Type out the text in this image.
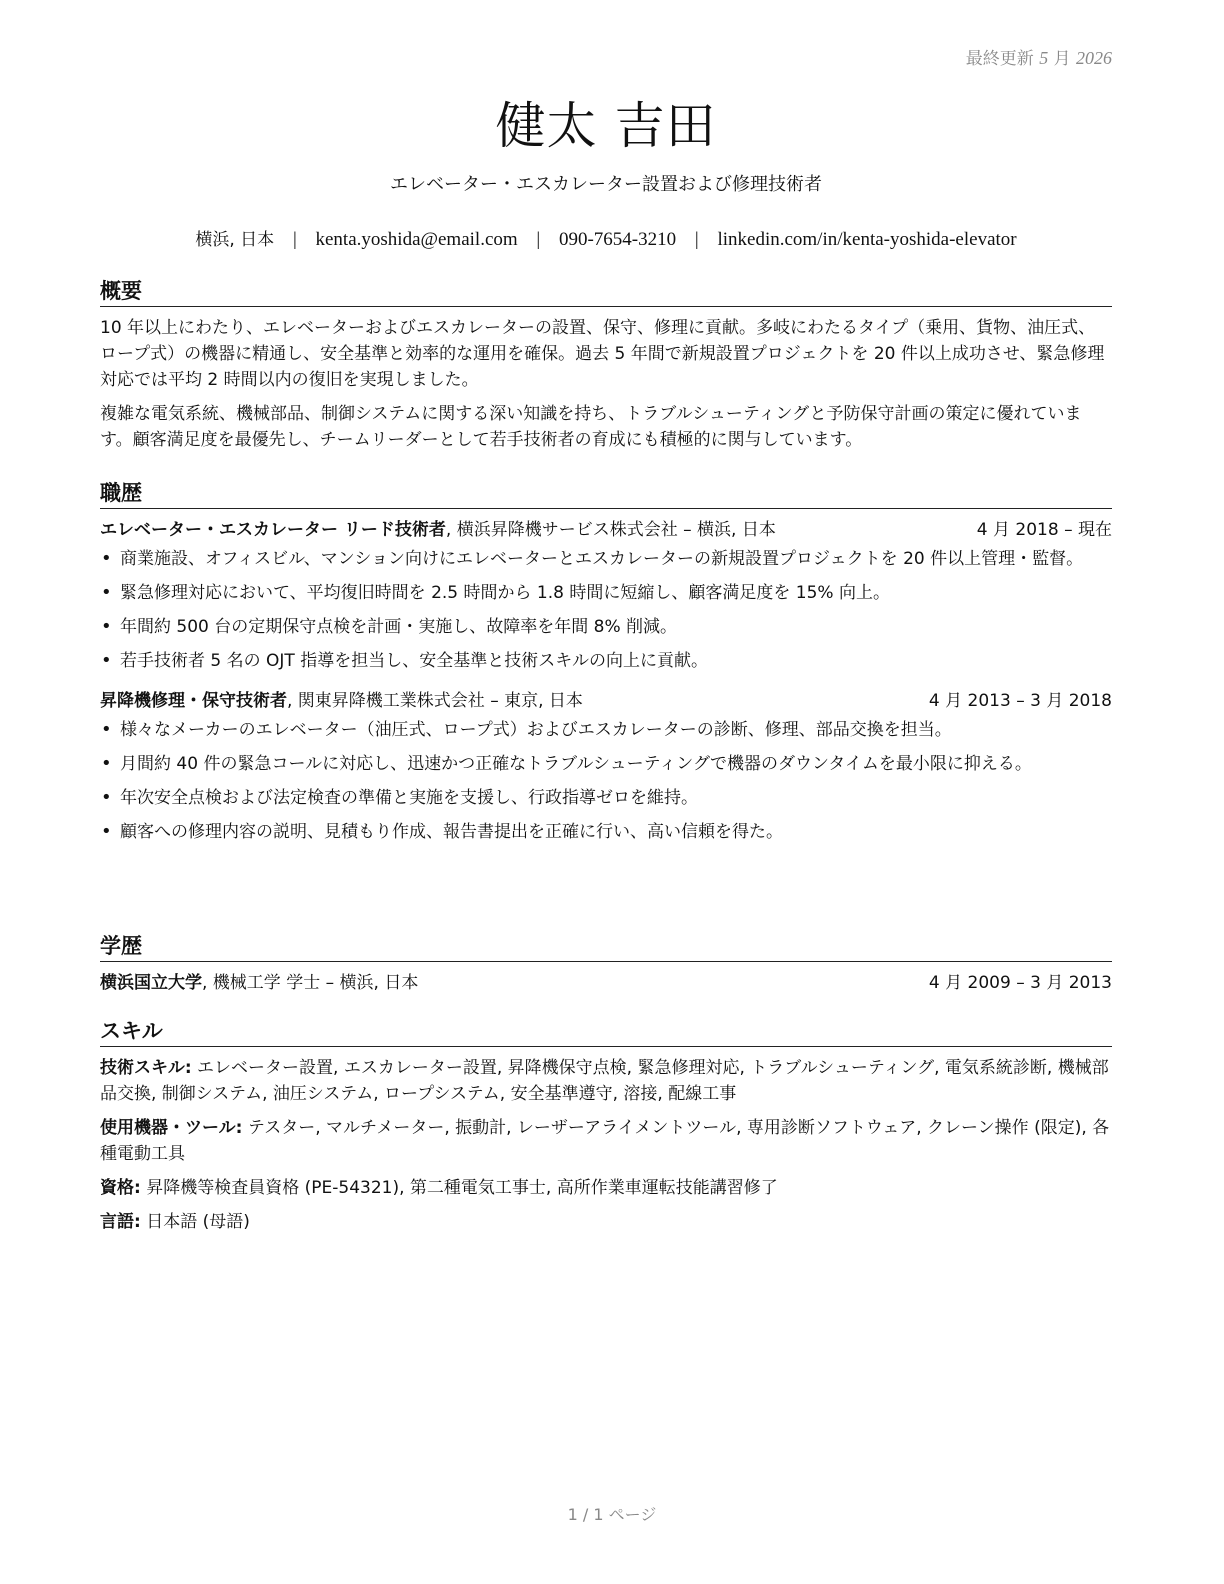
最終更新 5 月 2026
健太 吉田
エレベーター・エスカレーター設置および修理技術者
横浜, 日本 | kenta.yoshida@email.com | 090-7654-3210 | linkedin.com/in/kenta-yoshida-elevator
概要

10 年以上にわたり、エレベーターおよびエスカレーターの設置、保守、修理に貢献。多岐にわたるタイプ（乗用、貨物、油圧式、ロープ式）の機器に精通し、安全基準と効率的な運用を確保。過去 5 年間で新規設置プロジェクトを 20 件以上成功させ、緊急修理対応では平均 2 時間以内の復旧を実現しました。

複雑な電気系統、機械部品、制御システムに関する深い知識を持ち、トラブルシューティングと予防保守計画の策定に優れています。顧客満足度を最優先し、チームリーダーとして若手技術者の育成にも積極的に関与しています。

職歴
エレベーター・エスカレーター リード技術者, 横浜昇降機サービス株式会社 – 横浜, 日本	4 月 2018 – 現在
• 商業施設、オフィスビル、マンション向けにエレベーターとエスカレーターの新規設置プロジェクトを 20 件以上管理・監督。
• 緊急修理対応において、平均復旧時間を 2.5 時間から 1.8 時間に短縮し、顧客満足度を 15% 向上。
• 年間約 500 台の定期保守点検を計画・実施し、故障率を年間 8% 削減。
• 若手技術者 5 名の OJT 指導を担当し、安全基準と技術スキルの向上に貢献。
昇降機修理・保守技術者, 関東昇降機工業株式会社 – 東京, 日本	4 月 2013 – 3 月 2018
• 様々なメーカーのエレベーター（油圧式、ロープ式）およびエスカレーターの診断、修理、部品交換を担当。
• 月間約 40 件の緊急コールに対応し、迅速かつ正確なトラブルシューティングで機器のダウンタイムを最小限に抑える。
• 年次安全点検および法定検査の準備と実施を支援し、行政指導ゼロを維持。
• 顧客への修理内容の説明、見積もり作成、報告書提出を正確に行い、高い信頼を得た。
学歴
横浜国立大学, 機械工学 学士 – 横浜, 日本	4 月 2009 – 3 月 2013
スキル

技術スキル: エレベーター設置, エスカレーター設置, 昇降機保守点検, 緊急修理対応, トラブルシューティング, 電気系統診断, 機械部品交換, 制御システム, 油圧システム, ロープシステム, 安全基準遵守, 溶接, 配線工事

使用機器・ツール: テスター, マルチメーター, 振動計, レーザーアライメントツール, 専用診断ソフトウェア, クレーン操作 (限定), 各種電動工具

資格: 昇降機等検査員資格 (PE-54321), 第二種電気工事士, 高所作業車運転技能講習修了

言語: 日本語 (母語)

1 / 1 ページ
